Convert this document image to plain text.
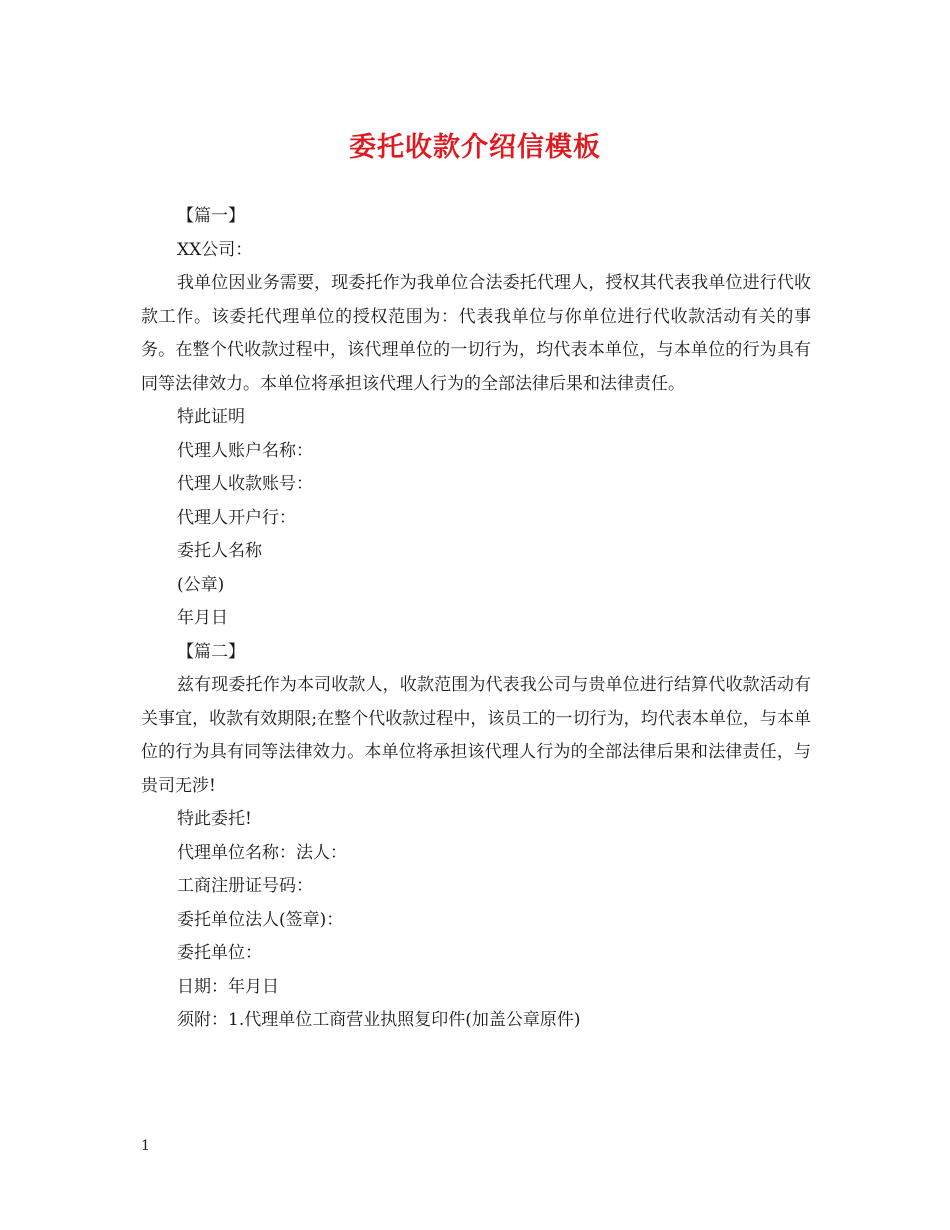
委托收款介绍信模板

【篇一】

XX公司：

我单位因业务需要，现委托作为我单位合法委托代理人，授权其代表我单位进行代收款工作。该委托代理单位的授权范围为：代表我单位与你单位进行代收款活动有关的事务。在整个代收款过程中，该代理单位的一切行为，均代表本单位，与本单位的行为具有同等法律效力。本单位将承担该代理人行为的全部法律后果和法律责任。

特此证明

代理人账户名称：

代理人收款账号：

代理人开户行：

委托人名称

(公章)

年月日

【篇二】

兹有现委托作为本司收款人，收款范围为代表我公司与贵单位进行结算代收款活动有关事宜，收款有效期限;在整个代收款过程中，该员工的一切行为，均代表本单位，与本单位的行为具有同等法律效力。本单位将承担该代理人行为的全部法律后果和法律责任，与贵司无涉!

特此委托!

代理单位名称：法人：

工商注册证号码：

委托单位法人(签章)：

委托单位：

日期：年月日

须附：1.代理单位工商营业执照复印件(加盖公章原件)

1
